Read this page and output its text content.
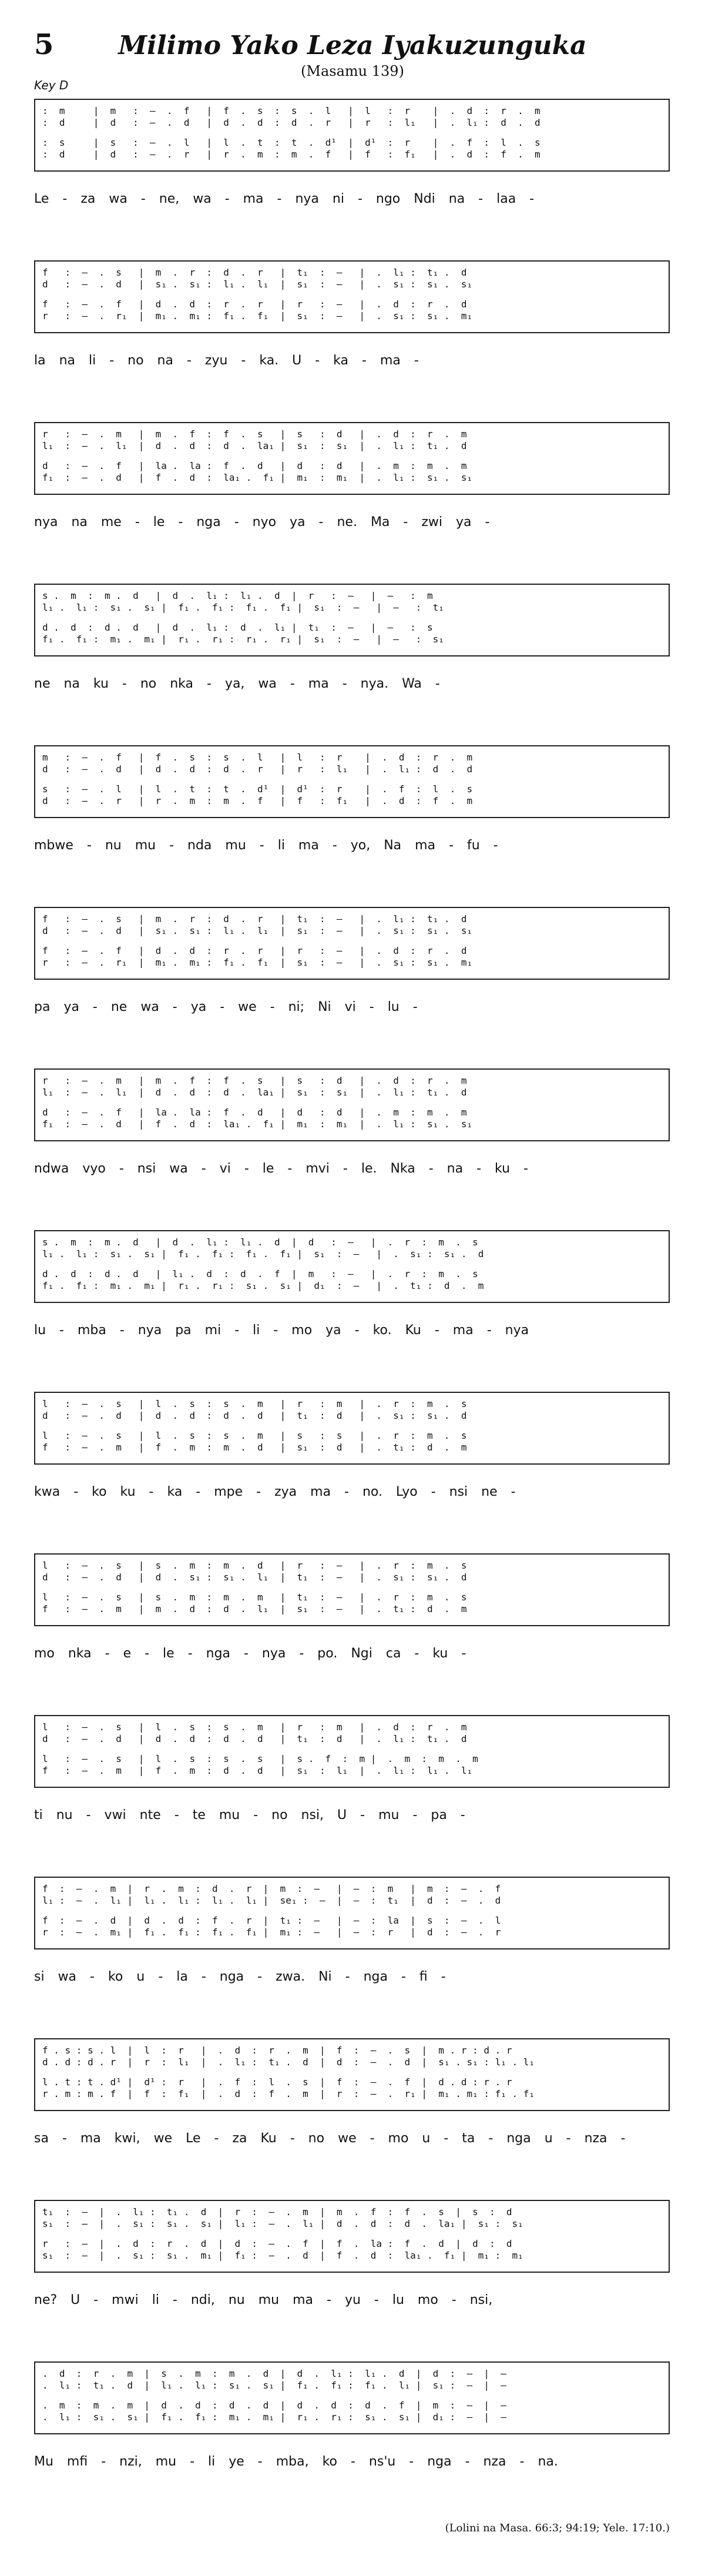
5	Milimo Yako Leza Iyakuzunguka
(Masamu 139)
Key D
(Lolini na Masa. 66:3; 94:19; Yele. 17:10.)
:  m     |  m   :  –  .  f   |  f  .  s  :  s  .  l   |  l   :  r    |  .  d  :  r  .  m
:  d     |  d   :  –  .  d   |  d  .  d  :  d  .  r   |  r   :  l₁   |  .  l₁ :  d  .  d
:  s     |  s   :  –  .  l   |  l  .  t  :  t  .  d¹  |  d¹  :  r    |  .  f  :  l  .  s
:  d     |  d   :  –  .  r   |  r  .  m  :  m  .  f   |  f   :  f₁   |  .  d  :  f  .  m
Le - za wa - ne, wa - ma - nya ni - ngo Ndi na - laa -
f   :  –  .  s   |  m  .  r  :  d  .  r   |  t₁  :  —   |  .  l₁ :  t₁ .  d
d   :  –  .  d   |  s₁ .  s₁ :  l₁ .  l₁  |  s₁  :  —   |  .  s₁ :  s₁ .  s₁
f   :  –  .  f   |  d  .  d  :  r  .  r   |  r   :  —   |  .  d  :  r  .  d
r   :  –  .  r₁  |  m₁ .  m₁ :  f₁ .  f₁  |  s₁  :  —   |  .  s₁ :  s₁ .  m₁
la na li - no na - zyu - ka. U - ka - ma -
r   :  –  .  m   |  m  .  f  :  f  .  s   |  s   :  d   |  .  d  :  r  .  m
l₁  :  –  .  l₁  |  d  .  d  :  d  .  la₁ |  s₁  :  s₁  |  .  l₁ :  t₁ .  d
d   :  –  .  f   |  la .  la :  f  .  d   |  d   :  d   |  .  m  :  m  .  m
f₁  :  –  .  d   |  f  .  d  :  la₁ .  f₁ |  m₁  :  m₁  |  .  l₁ :  s₁ .  s₁
nya na me - le - nga - nyo ya - ne. Ma - zwi ya -
s .  m  :  m .  d   |  d  .  l₁ :  l₁ .  d  |  r   :  —   |  —   :  m
l₁ .  l₁ :  s₁ .  s₁ |  f₁ .  f₁ :  f₁ .  f₁ |  s₁  :  —   |  —   :  t₁
d .  d  :  d .  d   |  d  .  l₁ :  d  .  l₁ |  t₁  :  —   |  —   :  s
f₁ .  f₁ :  m₁ .  m₁ |  r₁ .  r₁ :  r₁ .  r₁ |  s₁  :  —   |  —   :  s₁
ne na ku - no nka - ya, wa - ma - nya. Wa -
m   :  –  .  f   |  f  .  s  :  s  .  l   |  l   :  r    |  .  d  :  r  .  m
d   :  –  .  d   |  d  .  d  :  d  .  r   |  r   :  l₁   |  .  l₁ :  d  .  d
s   :  –  .  l   |  l  .  t  :  t  .  d¹  |  d¹  :  r    |  .  f  :  l  .  s
d   :  –  .  r   |  r  .  m  :  m  .  f   |  f   :  f₁   |  .  d  :  f  .  m
mbwe - nu mu - nda mu - li ma - yo, Na ma - fu -
f   :  –  .  s   |  m  .  r  :  d  .  r   |  t₁  :  —   |  .  l₁ :  t₁ .  d
d   :  –  .  d   |  s₁ .  s₁ :  l₁ .  l₁  |  s₁  :  —   |  .  s₁ :  s₁ .  s₁
f   :  –  .  f   |  d  .  d  :  r  .  r   |  r   :  —   |  .  d  :  r  .  d
r   :  –  .  r₁  |  m₁ .  m₁ :  f₁ .  f₁  |  s₁  :  —   |  .  s₁ :  s₁ .  m₁
pa ya - ne wa - ya - we - ni; Ni vi - lu -
r   :  –  .  m   |  m  .  f  :  f  .  s   |  s   :  d   |  .  d  :  r  .  m
l₁  :  –  .  l₁  |  d  .  d  :  d  .  la₁ |  s₁  :  s₁  |  .  l₁ :  t₁ .  d
d   :  –  .  f   |  la .  la :  f  .  d   |  d   :  d   |  .  m  :  m  .  m
f₁  :  –  .  d   |  f  .  d  :  la₁ .  f₁ |  m₁  :  m₁  |  .  l₁ :  s₁ .  s₁
ndwa vyo - nsi wa - vi - le - mvi - le. Nka - na - ku -
s .  m  :  m .  d   |  d  .  l₁ :  l₁ .  d  |  d   :  —   |  .  r  :  m  .  s
l₁ .  l₁ :  s₁ .  s₁ |  f₁ .  f₁ :  f₁ .  f₁ |  s₁  :  —   |  .  s₁ :  s₁ .  d
d .  d  :  d .  d   |  l₁ .  d  :  d  .  f  |  m   :  —   |  .  r  :  m  .  s
f₁ .  f₁ :  m₁ .  m₁ |  r₁ .  r₁ :  s₁ .  s₁ |  d₁  :  —   |  .  t₁ :  d  .  m
lu - mba - nya pa mi - li - mo ya - ko. Ku - ma - nya
l   :  –  .  s   |  l  .  s  :  s  .  m   |  r   :  m   |  .  r  :  m  .  s
d   :  –  .  d   |  d  .  d  :  d  .  d   |  t₁  :  d   |  .  s₁ :  s₁ .  d
l   :  –  .  s   |  l  .  s  :  s  .  m   |  s   :  s   |  .  r  :  m  .  s
f   :  –  .  m   |  f  .  m  :  m  .  d   |  s₁  :  d   |  .  t₁ :  d  .  m
kwa - ko ku - ka - mpe - zya ma - no. Lyo - nsi ne -
l   :  –  .  s   |  s  .  m  :  m  .  d   |  r   :  —   |  .  r  :  m  .  s
d   :  –  .  d   |  d  .  s₁ :  s₁ .  l₁  |  t₁  :  —   |  .  s₁ :  s₁ .  d
l   :  –  .  s   |  s  .  m  :  m  .  m   |  t₁  :  —   |  .  r  :  m  .  s
f   :  –  .  m   |  m  .  d  :  d  .  l₁  |  s₁  :  —   |  .  t₁ :  d  .  m
mo nka - e - le - nga - nya - po. Ngi ca - ku -
l   :  –  .  s   |  l  .  s  :  s  .  m   |  r   :  m   |  .  d  :  r  .  m
d   :  –  .  d   |  d  .  d  :  d  .  d   |  t₁  :  d   |  .  l₁ :  t₁ .  d
l   :  –  .  s   |  l  .  s  :  s  .  s   |  s .  f  :  m |  .  m  :  m  .  m
f   :  –  .  m   |  f  .  m  :  d  .  d   |  s₁  :  l₁  |  .  l₁ :  l₁ .  l₁
ti nu - vwi nte - te mu - no nsi, U - mu - pa -
f  :  –  .  m  |  r  .  m  :  d  .  r  |  m  :  —   |  —  :  m   |  m  :  –  .  f
l₁ :  –  .  l₁ |  l₁ .  l₁ :  l₁ .  l₁ |  se₁ :  —  |  —  :  t₁  |  d  :  –  .  d
f  :  –  .  d  |  d  .  d  :  f  .  r  |  t₁ :  —   |  —  :  la  |  s  :  –  .  l
r  :  –  .  m₁ |  f₁ .  f₁ :  f₁ .  f₁ |  m₁ :  —   |  —  :  r   |  d  :  –  .  r
si wa - ko u - la - nga - zwa. Ni - nga - fi -
f . s : s . l  |  l  :  r   |  .  d  :  r  .  m  |  f  :  –  .  s  |  m . r : d . r
d . d : d . r  |  r  :  l₁  |  .  l₁ :  t₁ .  d  |  d  :  –  .  d  |  s₁ . s₁ : l₁ . l₁
l . t : t . d¹ |  d¹ :  r   |  .  f  :  l  .  s  |  f  :  –  .  f  |  d . d : r . r
r . m : m . f  |  f  :  f₁  |  .  d  :  f  .  m  |  r  :  –  .  r₁ |  m₁ . m₁ : f₁ . f₁
sa - ma kwi, we Le - za Ku - no we - mo u - ta - nga u - nza -
t₁  :  —  |  .  l₁ :  t₁ .  d  |  r  :  –  .  m  |  m  .  f  :  f  .  s  |  s  :  d
s₁  :  —  |  .  s₁ :  s₁ .  s₁ |  l₁ :  –  .  l₁ |  d  .  d  :  d  .  la₁ |  s₁ :  s₁
r   :  —  |  .  d  :  r  .  d  |  d  :  –  .  f  |  f  .  la :  f  .  d  |  d  :  d
s₁  :  —  |  .  s₁ :  s₁ .  m₁ |  f₁ :  –  .  d  |  f  .  d  :  la₁ .  f₁ |  m₁ :  m₁
ne? U - mwi li - ndi, nu mu ma - yu - lu mo - nsi,
.  d  :  r  .  m  |  s  .  m  :  m  .  d  |  d  .  l₁ :  l₁ .  d  |  d  :  —  |  —
.  l₁ :  t₁ .  d  |  l₁ .  l₁ :  s₁ .  s₁ |  f₁ .  f₁ :  f₁ .  l₁ |  s₁ :  —  |  —
.  m  :  m  .  m  |  d  .  d  :  d  .  d  |  d  .  d  :  d  .  f  |  m  :  —  |  —
.  l₁ :  s₁ .  s₁ |  f₁ .  f₁ :  m₁ .  m₁ |  r₁ .  r₁ :  s₁ .  s₁ |  d₁ :  —  |  —
Mu mfi - nzi, mu - li ye - mba, ko - ns'u - nga - nza - na.
